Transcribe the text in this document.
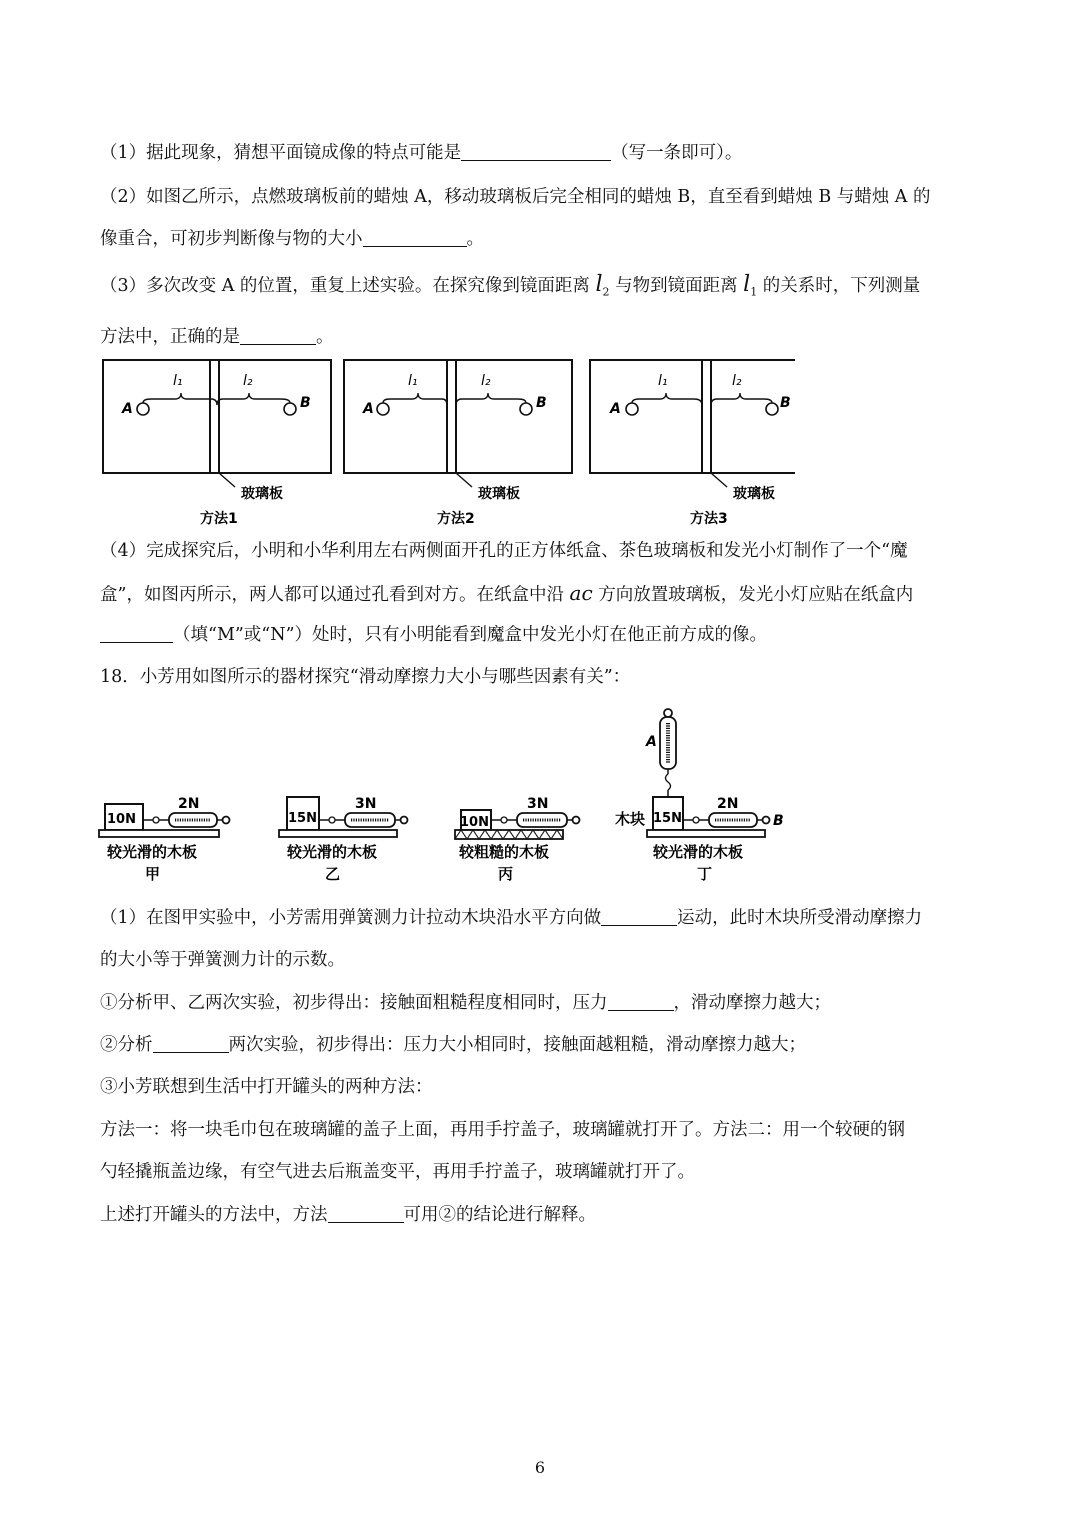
（1）据此现象，猜想平面镜成像的特点可能是	（写一条即可）。
（2）如图乙所示，点燃玻璃板前的蜡烛 A，移动玻璃板后完全相同的蜡烛 B，直至看到蜡烛 B 与蜡烛 A 的
像重合，可初步判断像与物的大小	。
（3）多次改变 A 的位置，重复上述实验。在探究像到镜面距离 $l_2$ 与物到镜面距离 $l_1$ 的关系时，下列测量
方法中，正确的是	。
l₁	l₂
A	B
玻璃板
方法1
l₁	l₂
A	B
玻璃板
方法2
l₁	l₂
A	B
玻璃板
方法3
（4）完成探究后，小明和小华利用左右两侧面开孔的正方体纸盒、茶色玻璃板和发光小灯制作了一个“魔
盒”，如图丙所示，两人都可以通过孔看到对方。在纸盒中沿 ac 方向放置玻璃板，发光小灯应贴在纸盒内
（填“M”或“N”）处时，只有小明能看到魔盒中发光小灯在他正前方成的像。
18．小芳用如图所示的器材探究“滑动摩擦力大小与哪些因素有关”：
10N
2N
较光滑的木板
甲
15N
3N
较光滑的木板
乙
10N
3N
较粗糙的木板
丙
A
15N
木块
2N
B
较光滑的木板
丁
（1）在图甲实验中，小芳需用弹簧测力计拉动木块沿水平方向做	运动，此时木块所受滑动摩擦力
的大小等于弹簧测力计的示数。
①分析甲、乙两次实验，初步得出：接触面粗糙程度相同时，压力	，滑动摩擦力越大；
②分析	两次实验，初步得出：压力大小相同时，接触面越粗糙，滑动摩擦力越大；
③小芳联想到生活中打开罐头的两种方法：
方法一：将一块毛巾包在玻璃罐的盖子上面，再用手拧盖子，玻璃罐就打开了。方法二：用一个较硬的钢
勺轻撬瓶盖边缘，有空气进去后瓶盖变平，再用手拧盖子，玻璃罐就打开了。
上述打开罐头的方法中，方法	可用②的结论进行解释。
6
